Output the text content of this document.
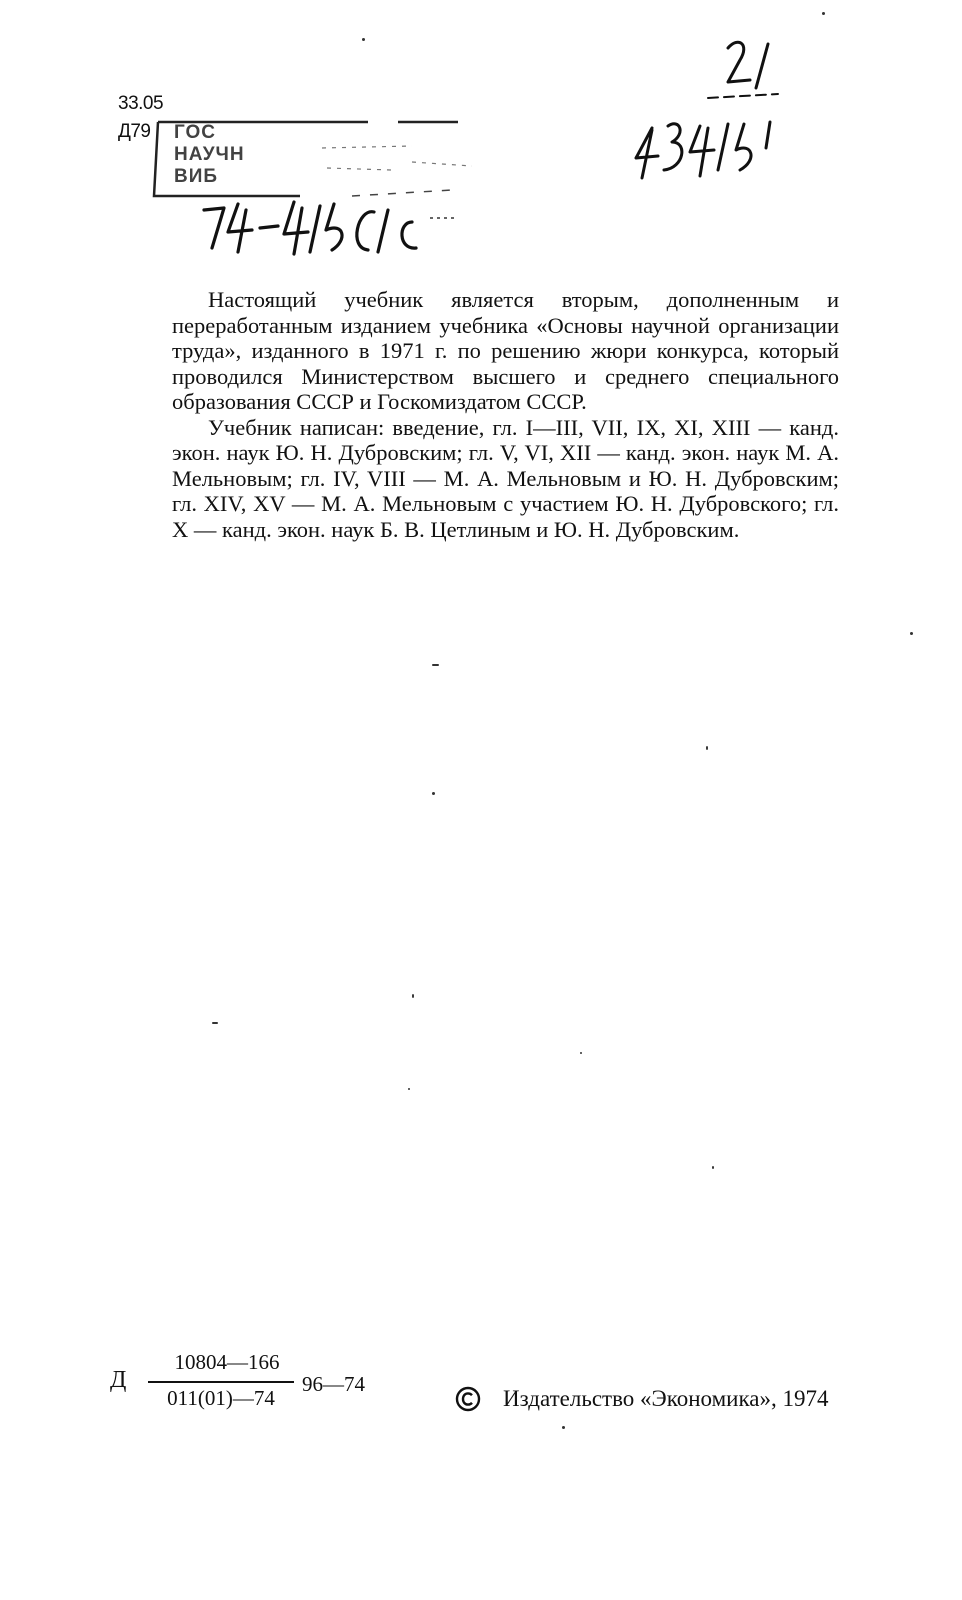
33.05
Д79	ГОС
НАУЧН
ВИБ

Настоящий учебник является вторым, дополненным и переработанным изданием учебника «Основы научной организации труда», изданного в 1971 г. по решению жюри конкурса, который проводился Министерством высшего и среднего специального образования СССР и Госкомиздатом СССР.

Учебник написан: введение, гл. I—III, VII, IX, XI, XIII — канд. экон. наук Ю. Н. Дубровским; гл. V, VI, XII — канд. экон. наук М. А. Мельновым; гл. IV, VIII — М. А. Мельновым и Ю. Н. Дубровским; гл. XIV, XV — М. А. Мельновым с участием Ю. Н. Дубровского; гл. X — канд. экон. наук Б. В. Цетлиным и Ю. Н. Дубровским.

Д
10804—166
011(01)—74
96—74
Издательство «Экономика», 1974
